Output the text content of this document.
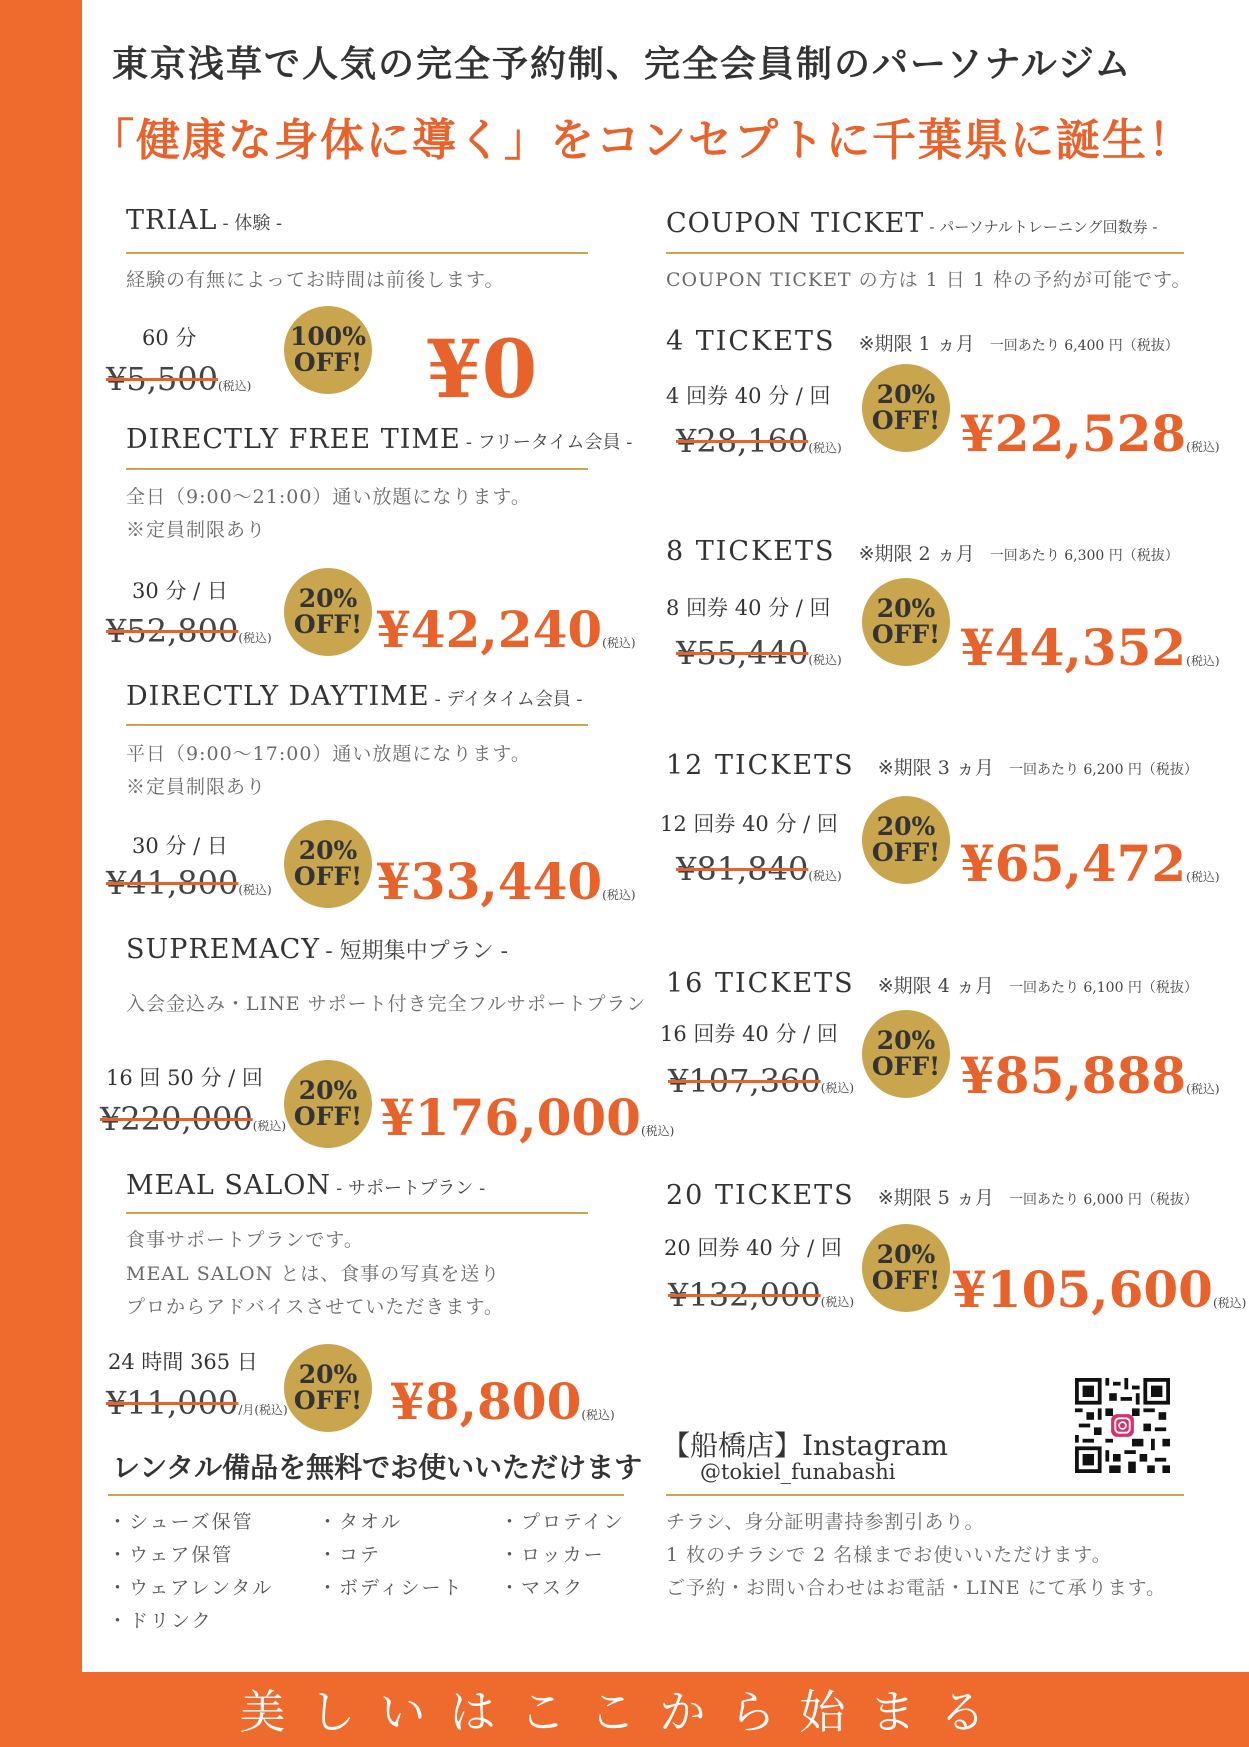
東京浅草で人気の完全予約制、完全会員制のパーソナルジム
「健康な身体に導く」をコンセプトに千葉県に誕生！
TRIAL - 体験 -
経験の有無によってお時間は前後します。
60 分
¥5,500(税込)
100%
OFF! ¥0
DIRECTLY FREE TIME - フリータイム会員 -
全日（9:00〜21:00）通い放題になります。
※定員制限あり
30 分 / 日
¥52,800(税込)
20%
OFF! ¥42,240(税込)
DIRECTLY DAYTIME - デイタイム会員 -
平日（9:00〜17:00）通い放題になります。
※定員制限あり
30 分 / 日
¥41,800(税込)
20%
OFF! ¥33,440(税込)
SUPREMACY - 短期集中プラン -
入会金込み・LINE サポート付き完全フルサポートプラン
16 回 50 分 / 回
¥220,000(税込)
20%
OFF! ¥176,000(税込)
MEAL SALON - サポートプラン -
食事サポートプランです。
MEAL SALON とは、食事の写真を送り
プロからアドバイスさせていただきます。
24 時間 365 日
¥11,000/月(税込)
20%
OFF! ¥8,800(税込)
レンタル備品を無料でお使いいただけます
・シューズ保管
・ウェア保管
・ウェアレンタル
・ドリンク
・タオル
・コテ
・ボディシート
・プロテイン
・ロッカー
・マスク
COUPON TICKET - パーソナルトレーニング回数券 -
COUPON TICKET の方は 1 日 1 枠の予約が可能です。
4 TICKETS ※期限 1 ヵ月 一回あたり 6,400 円（税抜）
4 回券 40 分 / 回
¥28,160(税込)
20%
OFF! ¥22,528(税込)
8 TICKETS ※期限 2 ヵ月 一回あたり 6,300 円（税抜）
8 回券 40 分 / 回
¥55,440(税込)
20%
OFF! ¥44,352(税込)
12 TICKETS ※期限 3 ヵ月 一回あたり 6,200 円（税抜）
12 回券 40 分 / 回
¥81,840(税込)
20%
OFF! ¥65,472(税込)
16 TICKETS ※期限 4 ヵ月 一回あたり 6,100 円（税抜）
16 回券 40 分 / 回
¥107,360(税込)
20%
OFF! ¥85,888(税込)
20 TICKETS ※期限 5 ヵ月 一回あたり 6,000 円（税抜）
20 回券 40 分 / 回
¥132,000(税込)
20%
OFF! ¥105,600(税込)
【船橋店】Instagram
@tokiel_funabashi
チラシ、身分証明書持参割引あり。
1 枚のチラシで 2 名様までお使いいただけます。
ご予約・お問い合わせはお電話・LINE にて承ります。
美しいはここから始まる
